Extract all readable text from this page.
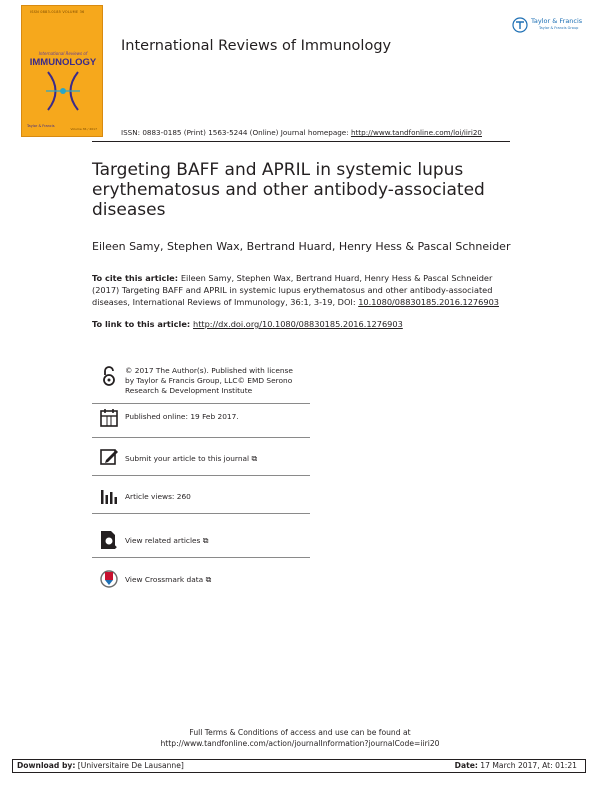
ISSN 0883-0185 VOLUME 36
International Reviews of
IMMUNOLOGY
Taylor & Francis
Volume 36 / 2017
International Reviews of Immunology
Taylor & Francis
Taylor & Francis Group
ISSN: 0883-0185 (Print) 1563-5244 (Online) Journal homepage: http://www.tandfonline.com/loi/iiri20
Targeting BAFF and APRIL in systemic lupus erythematosus and other antibody-associated diseases
Eileen Samy, Stephen Wax, Bertrand Huard, Henry Hess & Pascal Schneider
To cite this article: Eileen Samy, Stephen Wax, Bertrand Huard, Henry Hess & Pascal Schneider (2017) Targeting BAFF and APRIL in systemic lupus erythematosus and other antibody-associated diseases, International Reviews of Immunology, 36:1, 3-19, DOI: 10.1080/08830185.2016.1276903
To link to this article: http://dx.doi.org/10.1080/08830185.2016.1276903
© 2017 The Author(s). Published with license by Taylor & Francis Group, LLC© EMD Serono Research & Development Institute
Published online: 19 Feb 2017.
Submit your article to this journal ⧉
Article views: 260
View related articles ⧉
View Crossmark data ⧉
Full Terms & Conditions of access and use can be found at
http://www.tandfonline.com/action/journalInformation?journalCode=iiri20
Download by: [Universitaire De Lausanne]	Date: 17 March 2017, At: 01:21
